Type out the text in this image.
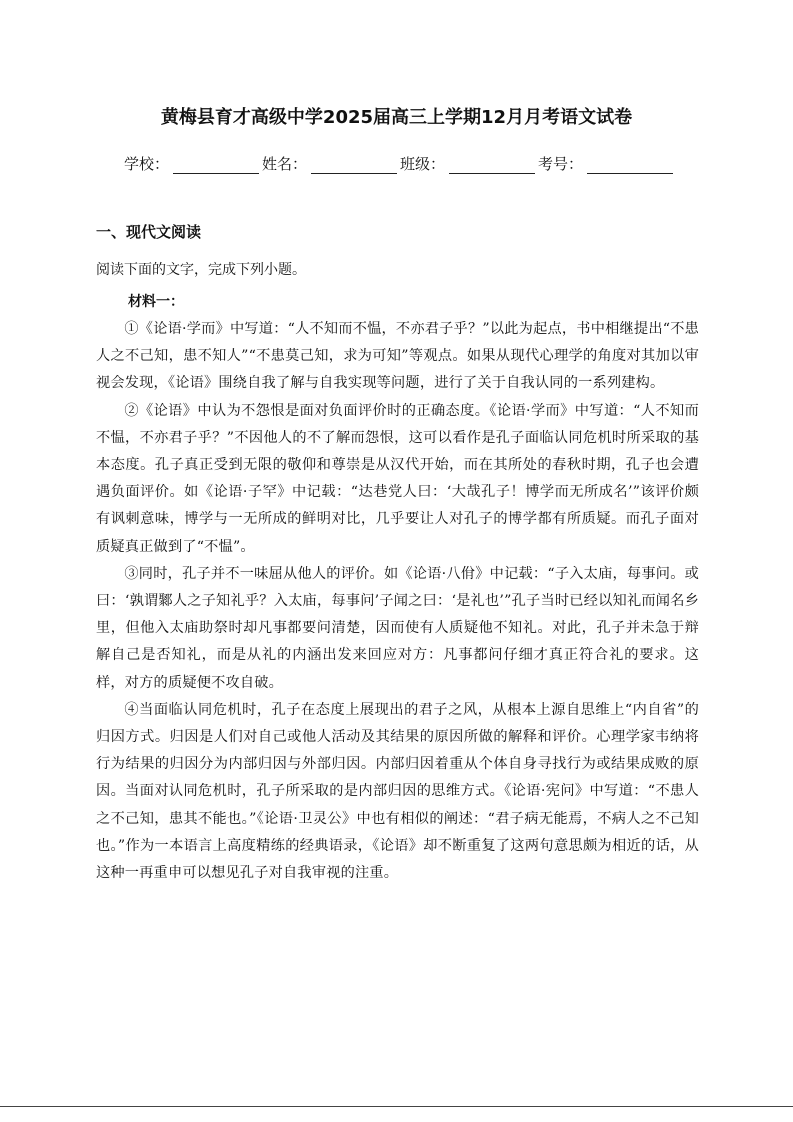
黄梅县育才高级中学2025届高三上学期12月月考语文试卷
学校：	姓名：	班级：	考号：
一、现代文阅读

阅读下面的文字，完成下列小题。

材料一：

①《论语·学而》中写道：“人不知而不愠，不亦君子乎？”以此为起点，书中相继提出“不患人之不己知，患不知人”“不患莫己知，求为可知”等观点。如果从现代心理学的角度对其加以审视会发现，《论语》围绕自我了解与自我实现等问题，进行了关于自我认同的一系列建构。

②《论语》中认为不怨恨是面对负面评价时的正确态度。《论语·学而》中写道：“人不知而不愠，不亦君子乎？”不因他人的不了解而怨恨，这可以看作是孔子面临认同危机时所采取的基本态度。孔子真正受到无限的敬仰和尊崇是从汉代开始，而在其所处的春秋时期，孔子也会遭遇负面评价。如《论语·子罕》中记载：“达巷党人曰：‘大哉孔子！博学而无所成名’”该评价颇有讽刺意味，博学与一无所成的鲜明对比，几乎要让人对孔子的博学都有所质疑。而孔子面对质疑真正做到了“不愠”。

③同时，孔子并不一味屈从他人的评价。如《论语·八佾》中记载：“子入太庙，每事问。或曰：‘孰谓鄹人之子知礼乎？入太庙，每事问’子闻之曰：‘是礼也’”孔子当时已经以知礼而闻名乡里，但他入太庙助祭时却凡事都要问清楚，因而使有人质疑他不知礼。对此，孔子并未急于辩解自己是否知礼，而是从礼的内涵出发来回应对方：凡事都问仔细才真正符合礼的要求。这样，对方的质疑便不攻自破。

④当面临认同危机时，孔子在态度上展现出的君子之风，从根本上源自思维上“内自省”的归因方式。归因是人们对自己或他人活动及其结果的原因所做的解释和评价。心理学家韦纳将行为结果的归因分为内部归因与外部归因。内部归因着重从个体自身寻找行为或结果成败的原因。当面对认同危机时，孔子所采取的是内部归因的思维方式。《论语·宪问》中写道：“不患人之不己知，患其不能也。”《论语·卫灵公》中也有相似的阐述：“君子病无能焉，不病人之不己知也。”作为一本语言上高度精练的经典语录，《论语》却不断重复了这两句意思颇为相近的话，从这种一再重申可以想见孔子对自我审视的注重。
